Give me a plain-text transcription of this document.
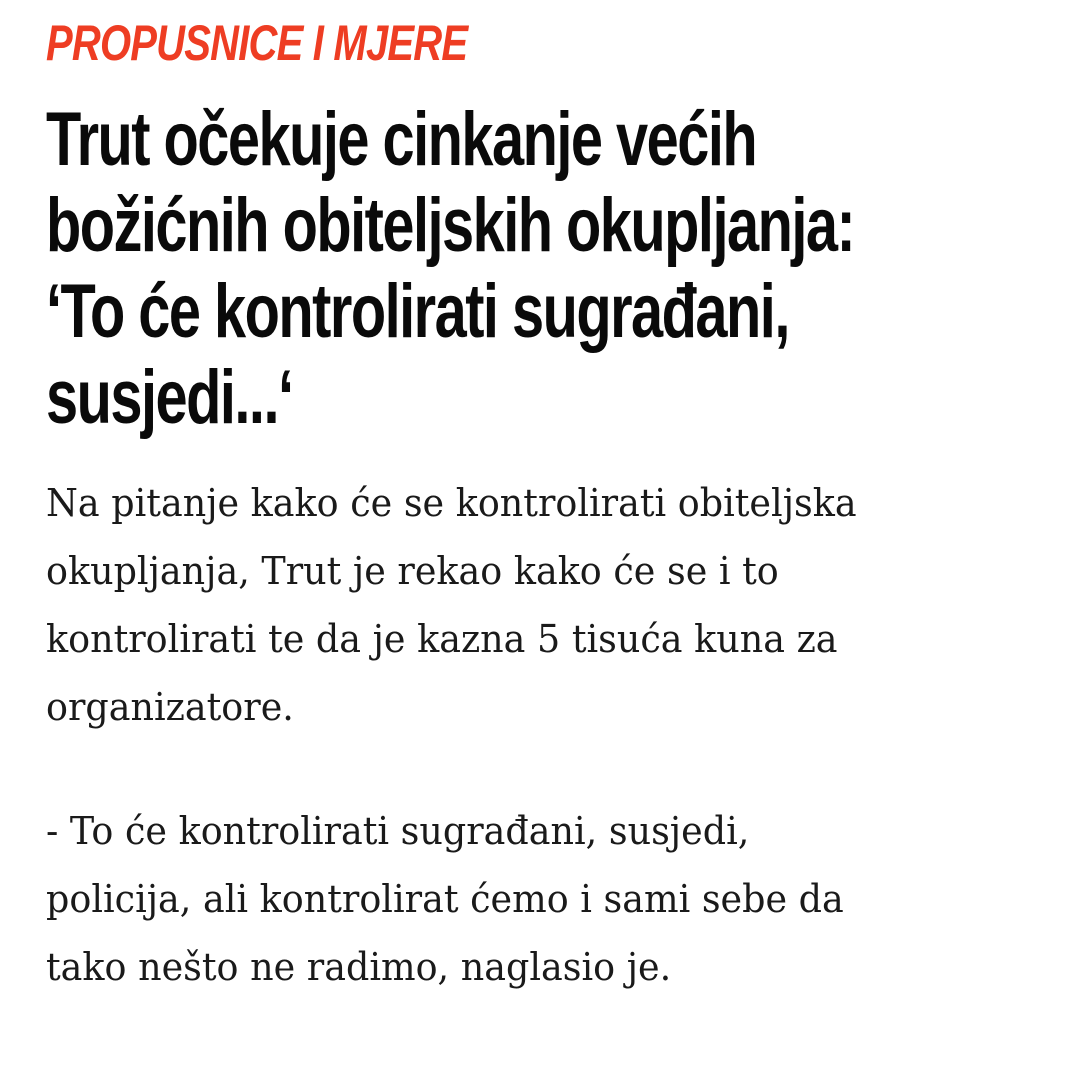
PROPUSNICE I MJERE
Trut očekuje cinkanje većih
božićnih obiteljskih okupljanja:
‘To će kontrolirati sugrađani,
susjedi...‘

Na pitanje kako će se kontrolirati obiteljska
okupljanja, Trut je rekao kako će se i to
kontrolirati te da je kazna 5 tisuća kuna za
organizatore.

- To će kontrolirati sugrađani, susjedi,
policija, ali kontrolirat ćemo i sami sebe da
tako nešto ne radimo, naglasio je.
